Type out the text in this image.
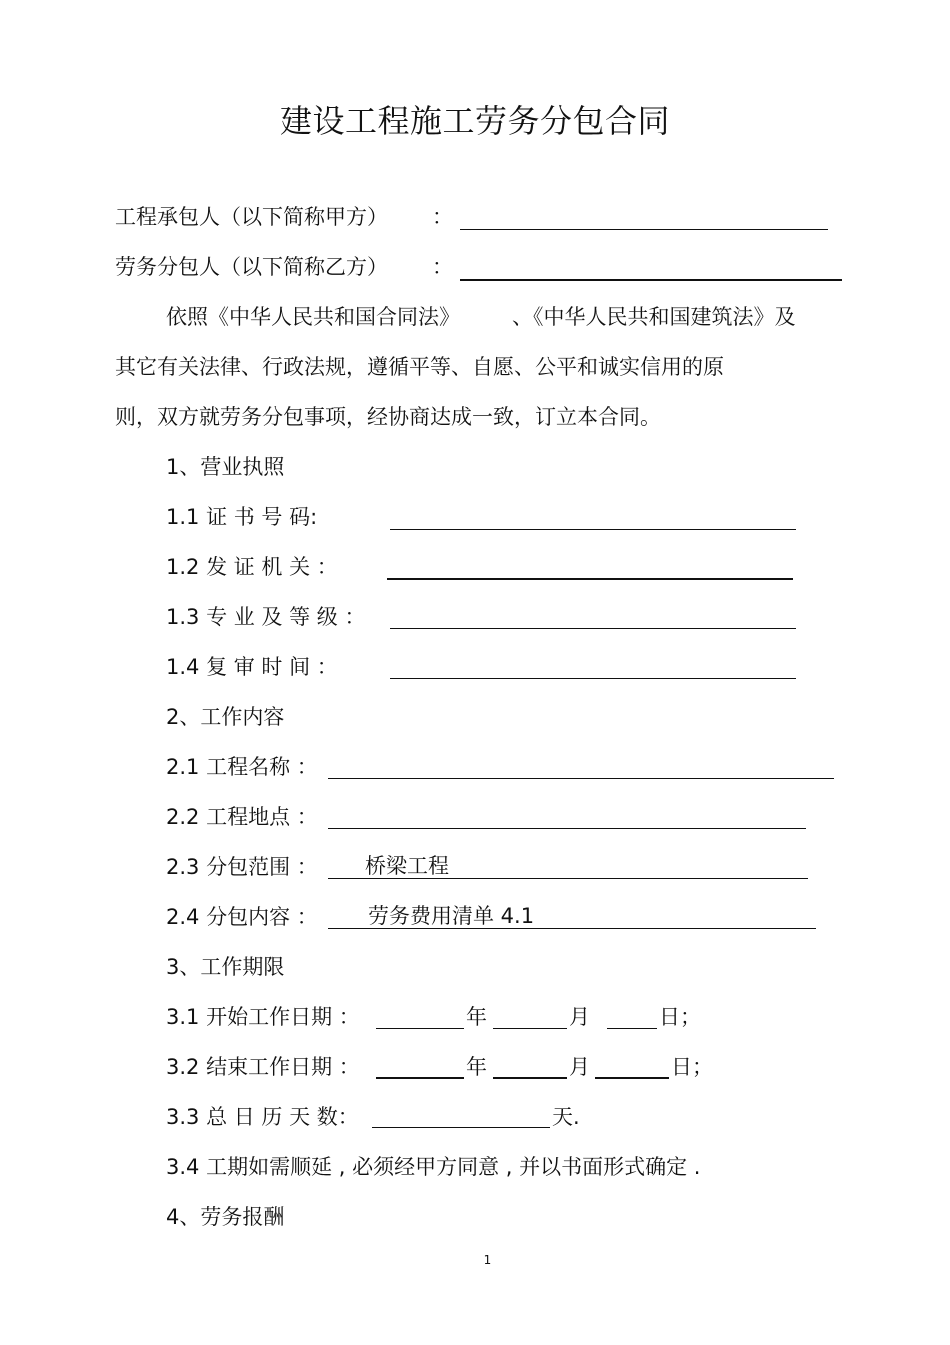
建设工程施工劳务分包合同
工程承包人（以下简称甲方） ：
劳务分包人（以下简称乙方） ：
依照《中华人民共和国合同法》 、《中华人民共和国建筑法》及
其它有关法律、行政法规，遵循平等、自愿、公平和诚实信用的原
则，双方就劳务分包事项，经协商达成一致，订立本合同。
1、营业执照
1.1 证 书 号 码:
1.2 发 证 机 关 ：
1.3 专 业 及 等 级 ：
1.4 复 审 时 间 ：
2、工作内容
2.1 工程名称 ：
2.2 工程地点 ：
2.3 分包范围 ： 桥梁工程
2.4 分包内容 ： 劳务费用清单 4.1
3、工作期限
3.1 开始工作日期 ：	年	月	日；
3.2 结束工作日期 ：	年	月	日；
3.3 总 日 历 天 数：	天.
3.4 工期如需顺延 , 必须经甲方同意 , 并以书面形式确定 .
4、劳务报酬
1
